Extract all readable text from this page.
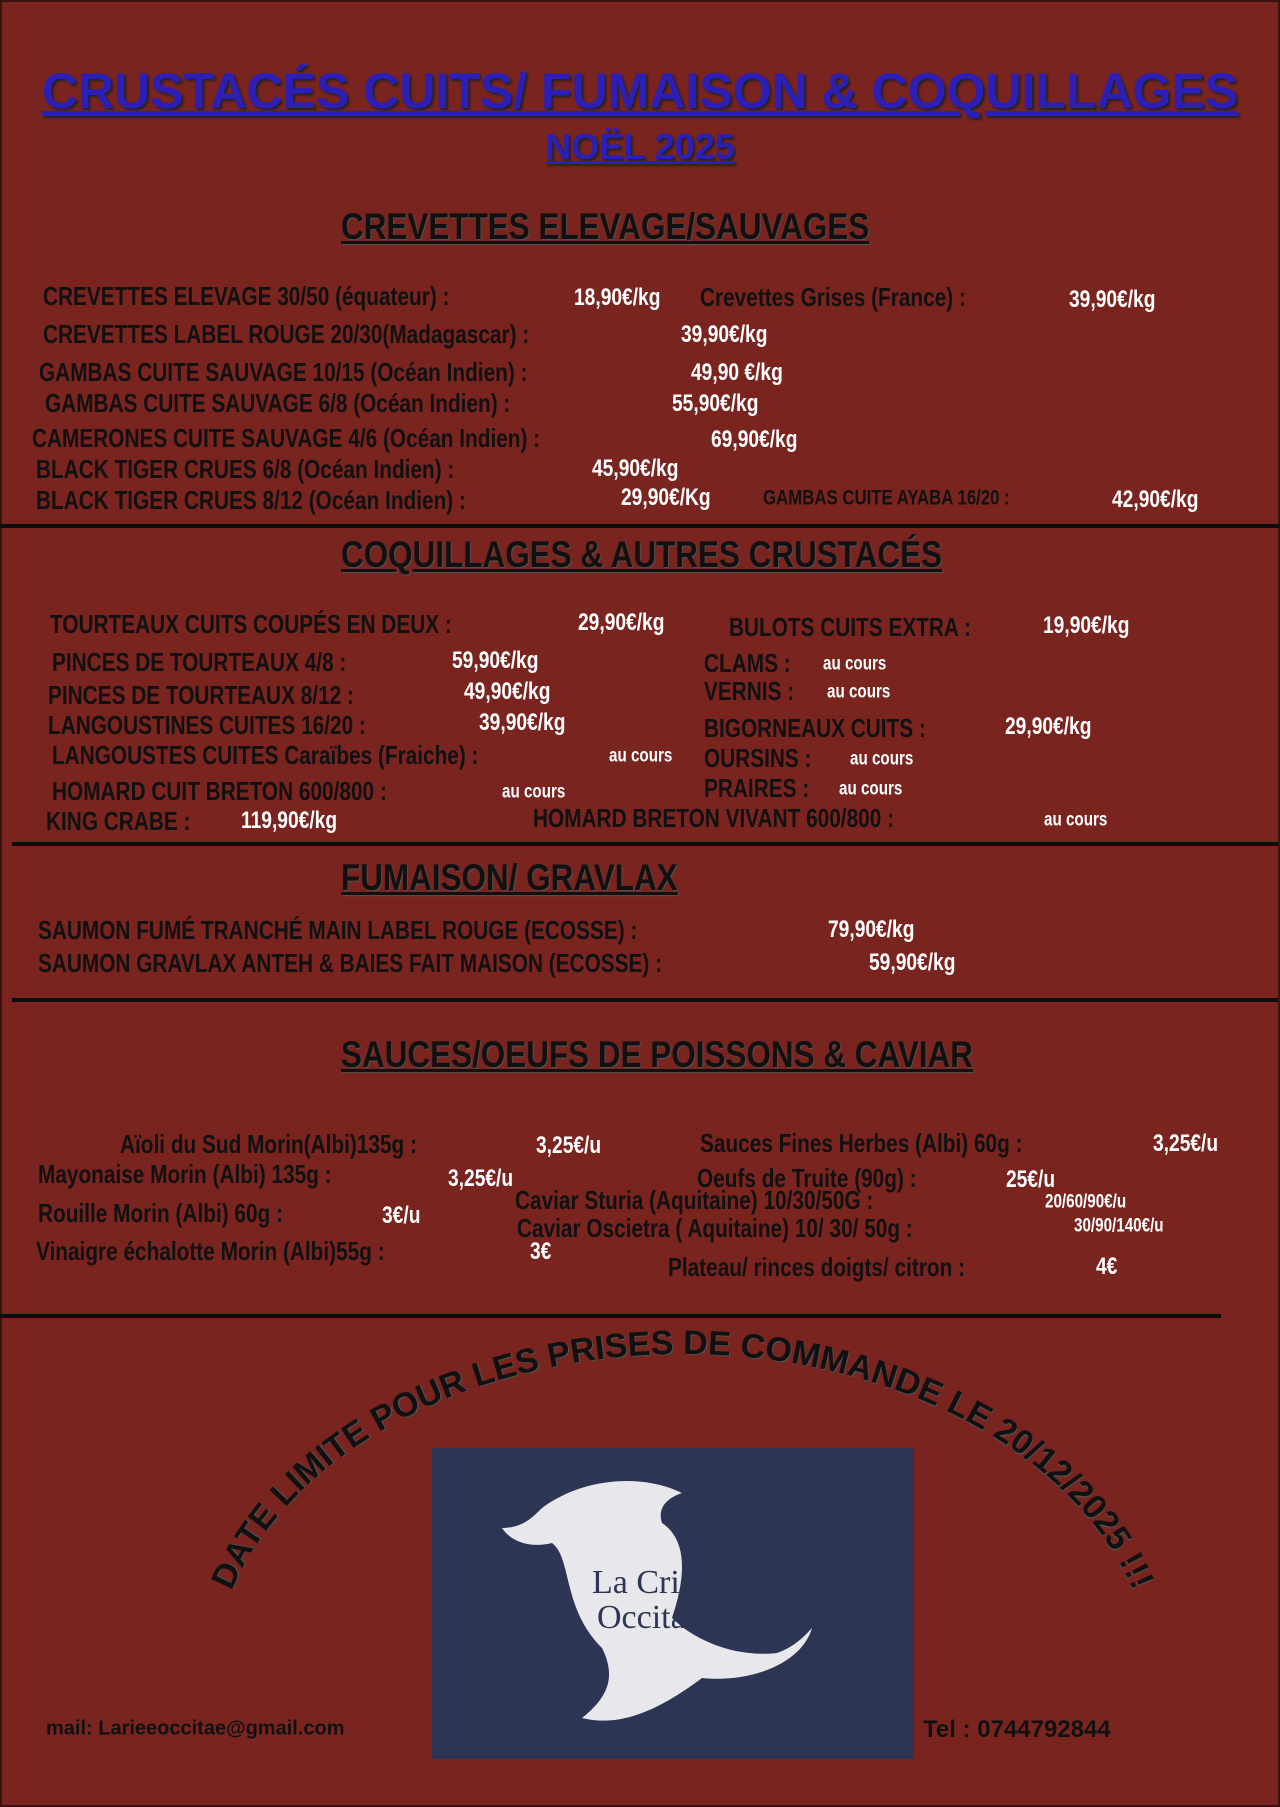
CRUSTACÉS CUITS/ FUMAISON & COQUILLAGES
NOËL 2025
CREVETTES ELEVAGE/SAUVAGES
COQUILLAGES & AUTRES CRUSTACÉS
FUMAISON/ GRAVLAX
SAUCES/OEUFS DE POISSONS & CAVIAR
CREVETTES ELEVAGE 30/50 (équateur) :	18,90€/kg Crevettes Grises (France) :	39,90€/kg
CREVETTES LABEL ROUGE 20/30(Madagascar) :	39,90€/kg
GAMBAS CUITE SAUVAGE 10/15 (Océan Indien) :	49,90 €/kg
GAMBAS CUITE SAUVAGE 6/8 (Océan Indien) :	55,90€/kg
CAMERONES CUITE SAUVAGE 4/6 (Océan Indien) :	69,90€/kg
BLACK TIGER CRUES 6/8 (Océan Indien) :	45,90€/kg
BLACK TIGER CRUES 8/12 (Océan Indien) :	29,90€/Kg GAMBAS CUITE AYABA 16/20 :	42,90€/kg
TOURTEAUX CUITS COUPÉS EN DEUX :	29,90€/kg BULOTS CUITS EXTRA :	19,90€/kg
PINCES DE TOURTEAUX 4/8 :	59,90€/kg	CLAMS : au cours
PINCES DE TOURTEAUX 8/12 :	49,90€/kg	VERNIS : au cours
LANGOUSTINES CUITES 16/20 :	39,90€/kg	BIGORNEAUX CUITS :	29,90€/kg
LANGOUSTES CUITES Caraïbes (Fraiche) :	au cours OURSINS : au cours
HOMARD CUIT BRETON 600/800 :	au cours	PRAIRES : au cours
KING CRABE : 119,90€/kg	HOMARD BRETON VIVANT 600/800 :	au cours
SAUMON FUMÉ TRANCHÉ MAIN LABEL ROUGE (ECOSSE) :	79,90€/kg
SAUMON GRAVLAX ANTEH & BAIES FAIT MAISON (ECOSSE) :	59,90€/kg
Aïoli du Sud Morin(Albi)135g :	3,25€/u	Sauces Fines Herbes (Albi) 60g :	3,25€/u
Mayonaise Morin (Albi) 135g :	3,25€/u	Oeufs de Truite (90g) :	25€/u
Rouille Morin (Albi) 60g :	3€/u
Caviar Sturia (Aquitaine) 10/30/50G :	20/60/90€/u
Caviar Oscietra ( Aquitaine) 10/ 30/ 50g :	30/90/140€/u
Vinaigre échalotte Morin (Albi)55g :	3€
Plateau/ rinces doigts/ citron :	4€
DATE LIMITE POUR LES PRISES DE COMMANDE LE 20/12/2025 !!!
La Criée
Occitane
mail: Larieeoccitae@gmail.com	Tel : 0744792844
